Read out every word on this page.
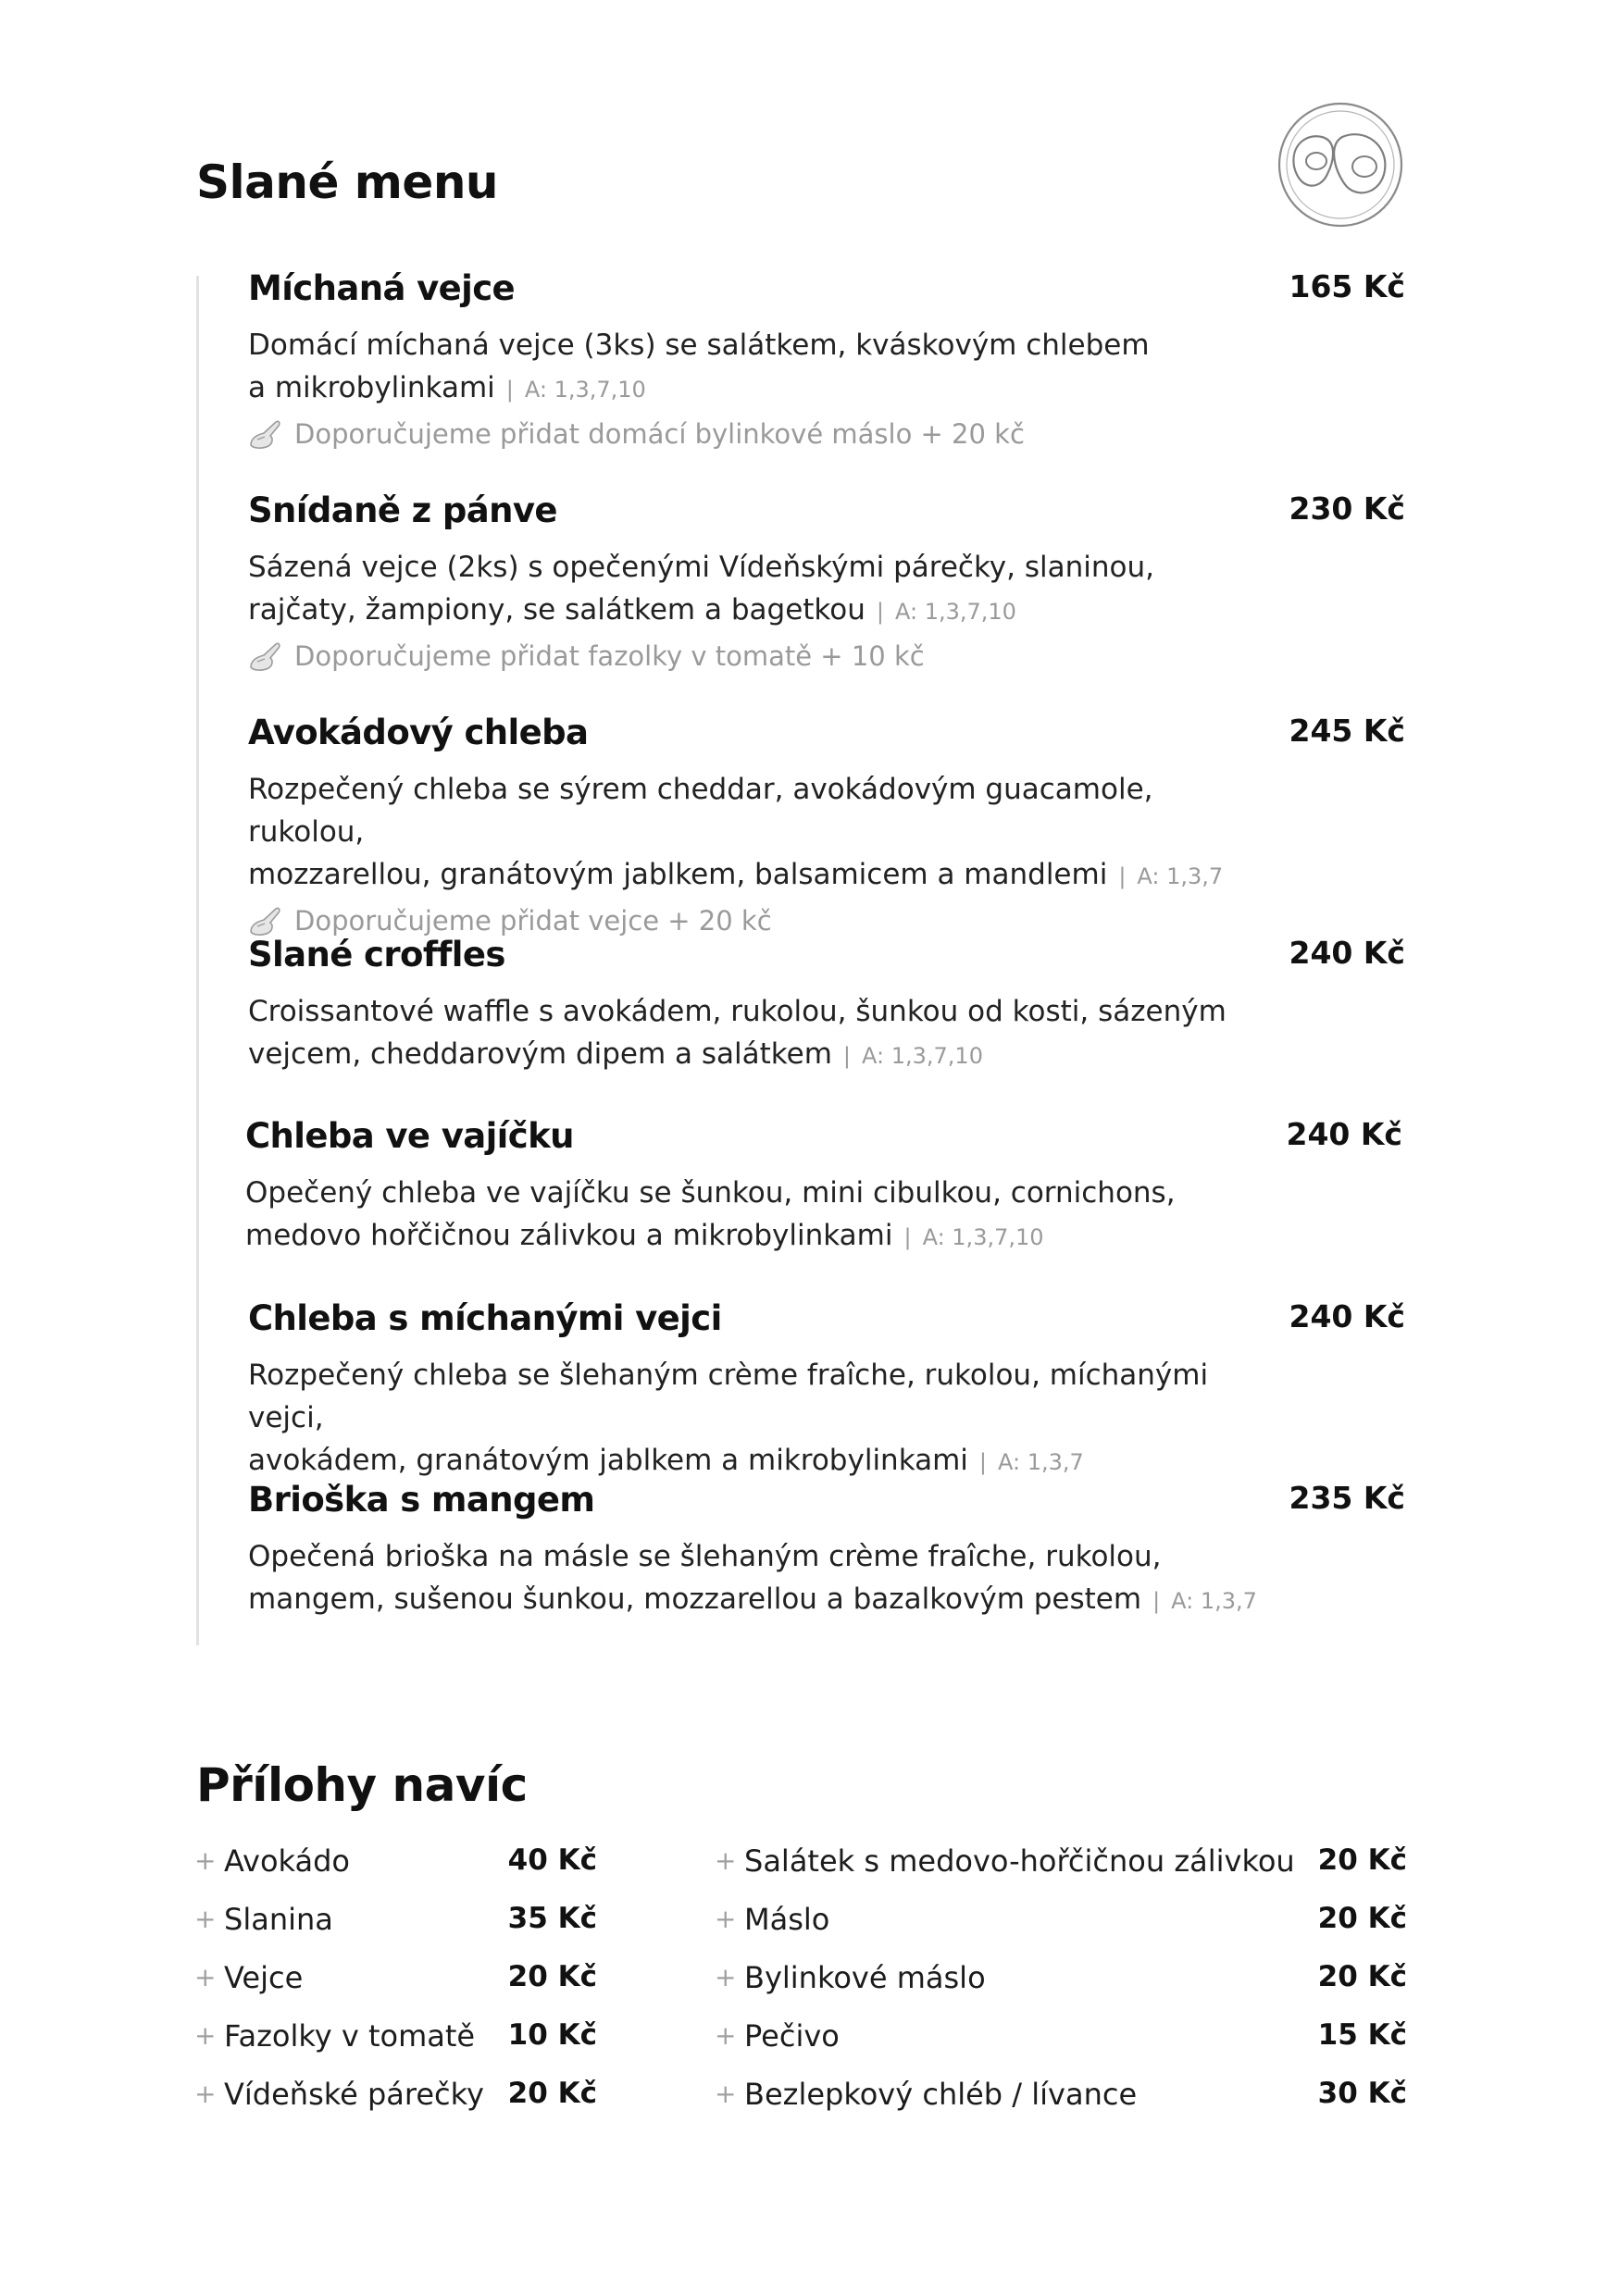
Slané menu
Míchaná vejce	165 Kč
Domácí míchaná vejce (3ks) se salátkem, kváskovým chlebem
a mikrobylinkami | A: 1,3,7,10
Doporučujeme přidat domácí bylinkové máslo + 20 kč
Snídaně z pánve	230 Kč
Sázená vejce (2ks) s opečenými Vídeňskými párečky, slaninou,
rajčaty, žampiony, se salátkem a bagetkou | A: 1,3,7,10
Doporučujeme přidat fazolky v tomatě + 10 kč
Avokádový chleba	245 Kč
Rozpečený chleba se sýrem cheddar, avokádovým guacamole, rukolou,
mozzarellou, granátovým jablkem, balsamicem a mandlemi | A: 1,3,7
Doporučujeme přidat vejce + 20 kč
Slané croffles	240 Kč
Croissantové waffle s avokádem, rukolou, šunkou od kosti, sázeným
vejcem, cheddarovým dipem a salátkem | A: 1,3,7,10
Chleba ve vajíčku	240 Kč
Opečený chleba ve vajíčku se šunkou, mini cibulkou, cornichons,
medovo hořčičnou zálivkou a mikrobylinkami | A: 1,3,7,10
Chleba s míchanými vejci	240 Kč
Rozpečený chleba se šlehaným crème fraîche, rukolou, míchanými vejci,
avokádem, granátovým jablkem a mikrobylinkami | A: 1,3,7
Brioška s mangem	235 Kč
Opečená brioška na másle se šlehaným crème fraîche, rukolou,
mangem, sušenou šunkou, mozzarellou a bazalkovým pestem | A: 1,3,7
Přílohy navíc
+ Avokádo	40 Kč
+ Slanina	35 Kč
+ Vejce	20 Kč
+ Fazolky v tomatě 10 Kč
+ Vídeňské párečky 20 Kč
+ Salátek s medovo-hořčičnou zálivkou 20 Kč
+ Máslo	20 Kč
+ Bylinkové máslo	20 Kč
+ Pečivo	15 Kč
+ Bezlepkový chléb / lívance	30 Kč
